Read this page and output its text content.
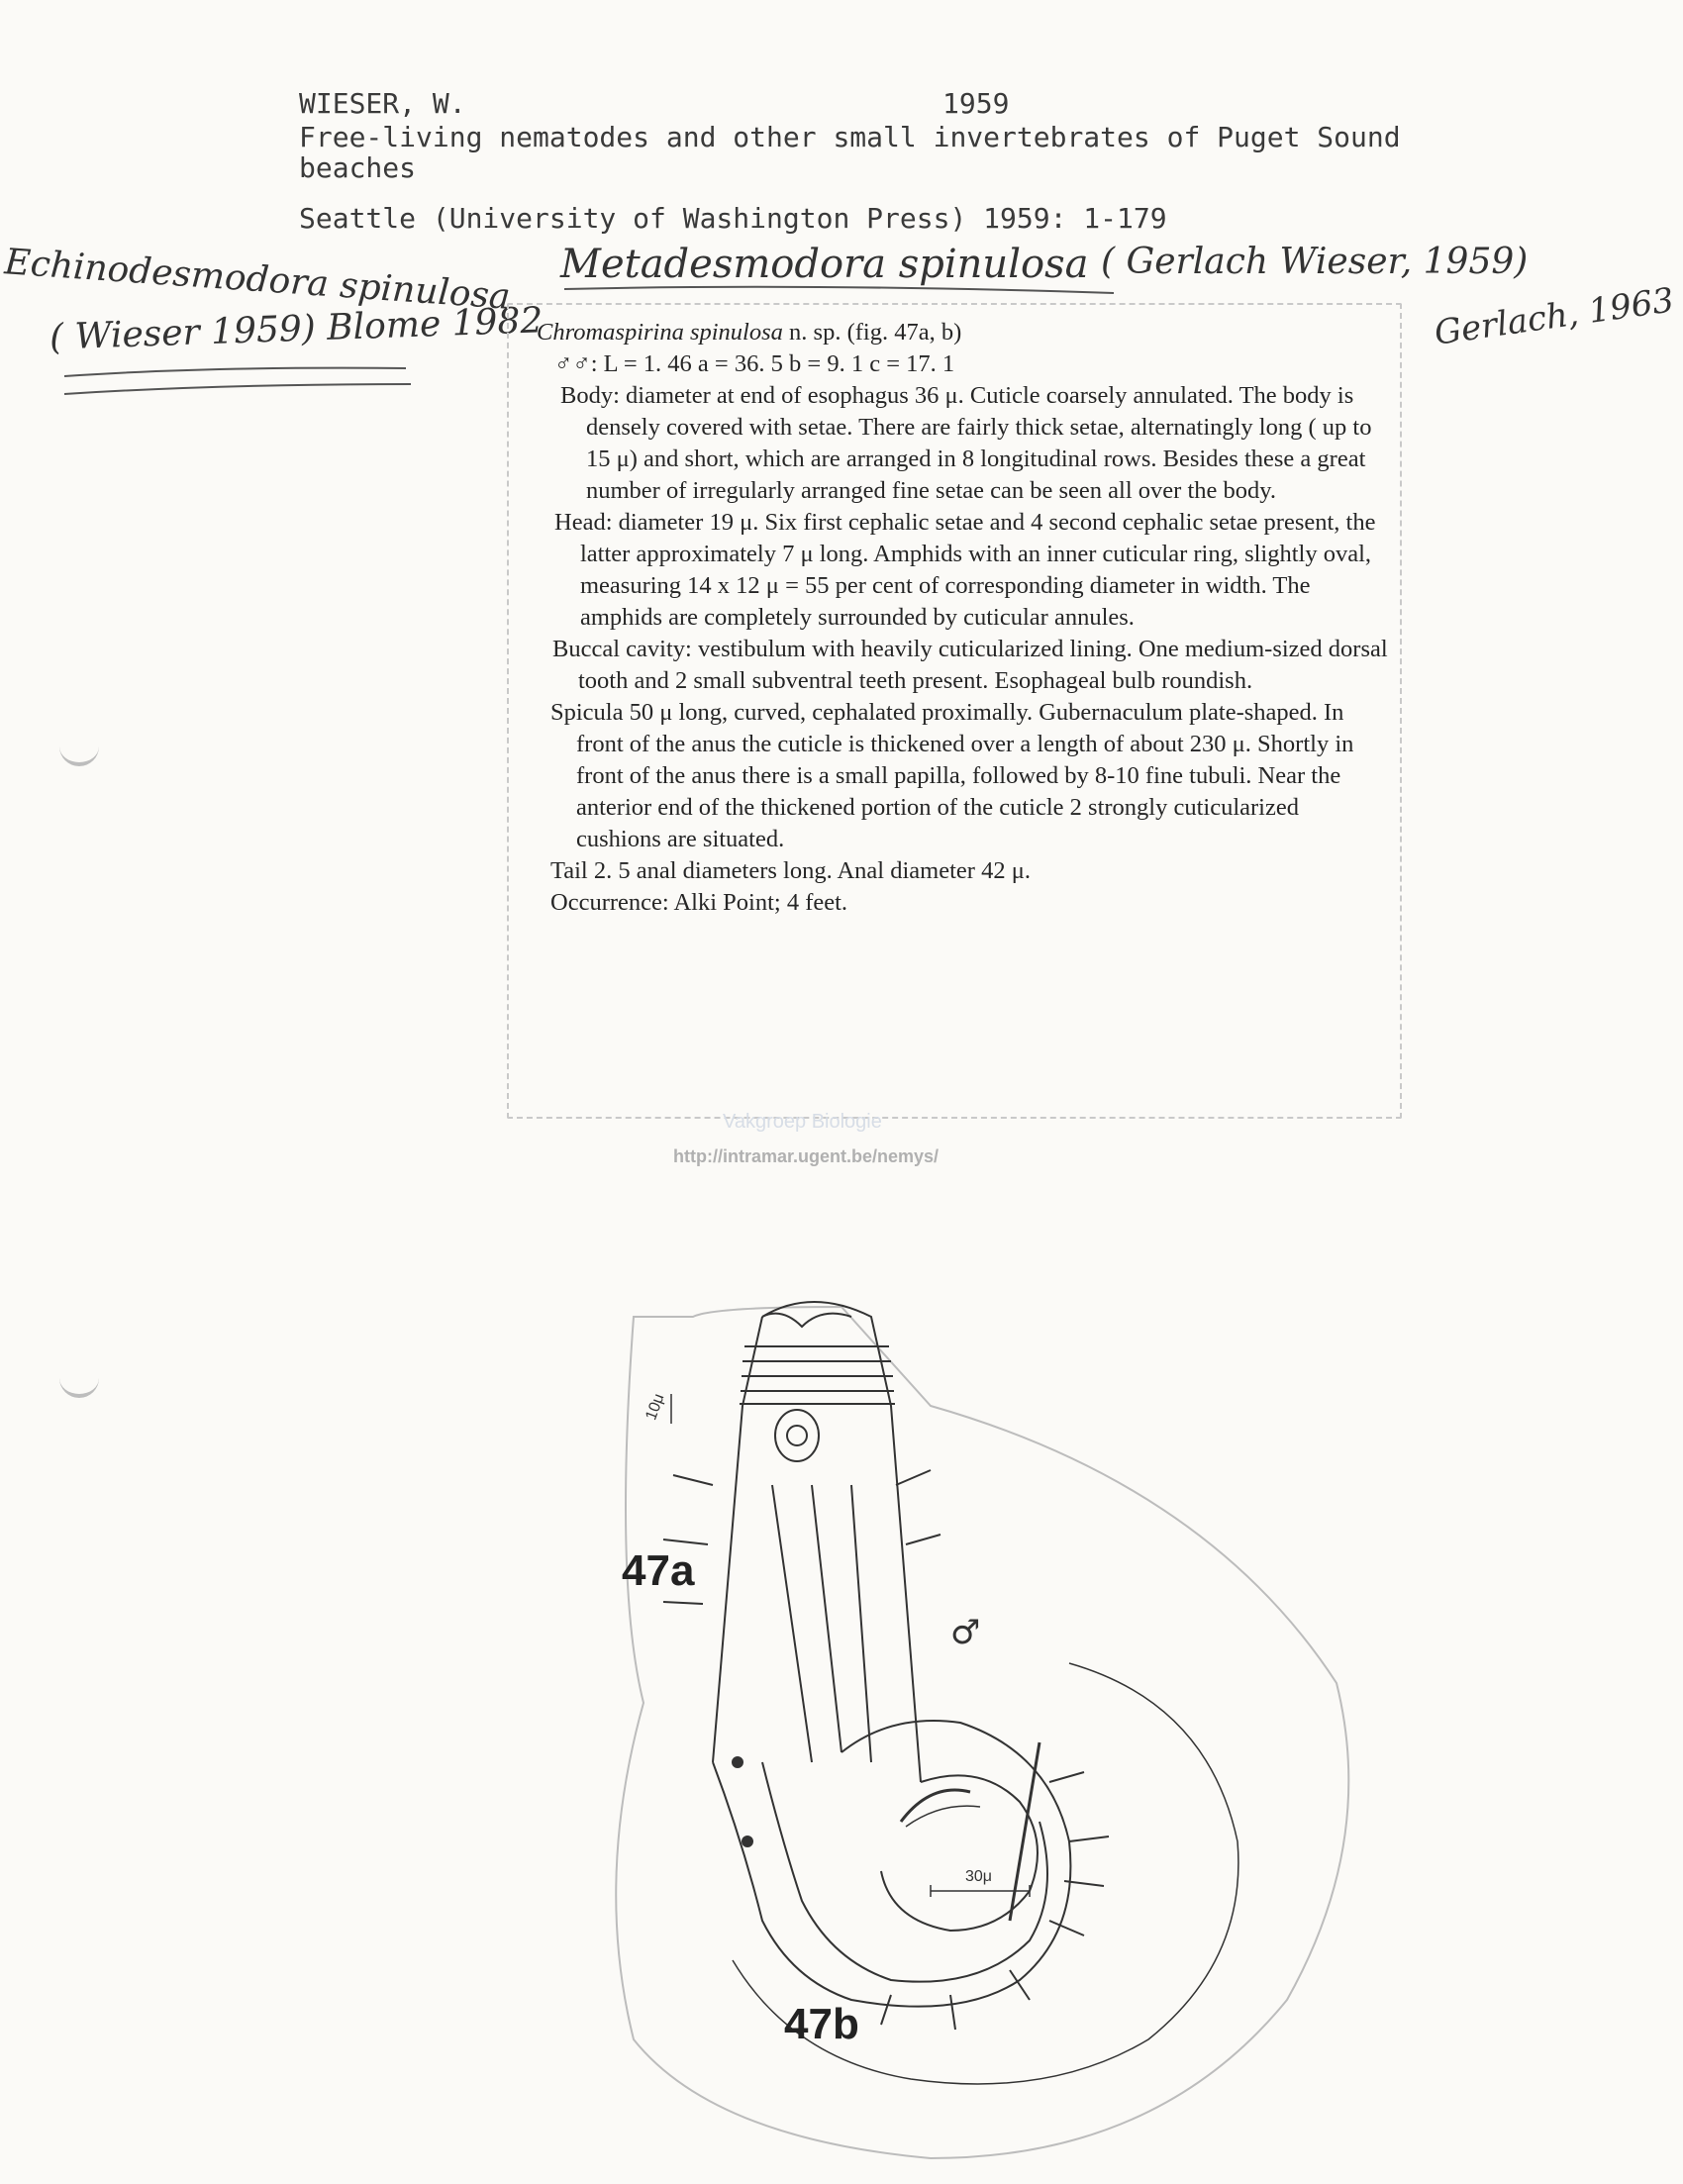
WIESER, W.	1959
Free-living nematodes and other small invertebrates of Puget Sound
beaches
Seattle (University of Washington Press) 1959: 1-179
Echinodesmodora spinulosa
( Wieser 1959) Blome 1982
Metadesmodora spinulosa ( Gerlach Wieser, 1959)
Gerlach, 1963

Chromaspirina spinulosa n. sp. (fig. 47a, b)

♂♂: L = 1. 46 a = 36. 5 b = 9. 1 c = 17. 1

Body: diameter at end of esophagus 36 μ. Cuticle coarsely annulated. The body is densely covered with setae. There are fairly thick setae, alternatingly long ( up to 15 μ) and short, which are arranged in 8 longitudinal rows. Besides these a great number of irregularly arranged fine setae can be seen all over the body.

Head: diameter 19 μ. Six first cephalic setae and 4 second cephalic setae present, the latter approximately 7 μ long. Amphids with an inner cuticular ring, slightly oval, measuring 14 x 12 μ = 55 per cent of corresponding diameter in width. The amphids are completely surrounded by cuticular annules.

Buccal cavity: vestibulum with heavily cuticularized lining. One medium-sized dorsal tooth and 2 small subventral teeth present. Esophageal bulb roundish.

Spicula 50 μ long, curved, cephalated proximally. Gubernaculum plate-shaped. In front of the anus the cuticle is thickened over a length of about 230 μ. Shortly in front of the anus there is a small papilla, followed by 8-10 fine tubuli. Near the anterior end of the thickened portion of the cuticle 2 strongly cuticularized cushions are situated.

Tail 2. 5 anal diameters long. Anal diameter 42 μ.

Occurrence: Alki Point; 4 feet.

Vakgroep Biologie
http://intramar.ugent.be/nemys/
10μ
30μ
♂
47a
47b
